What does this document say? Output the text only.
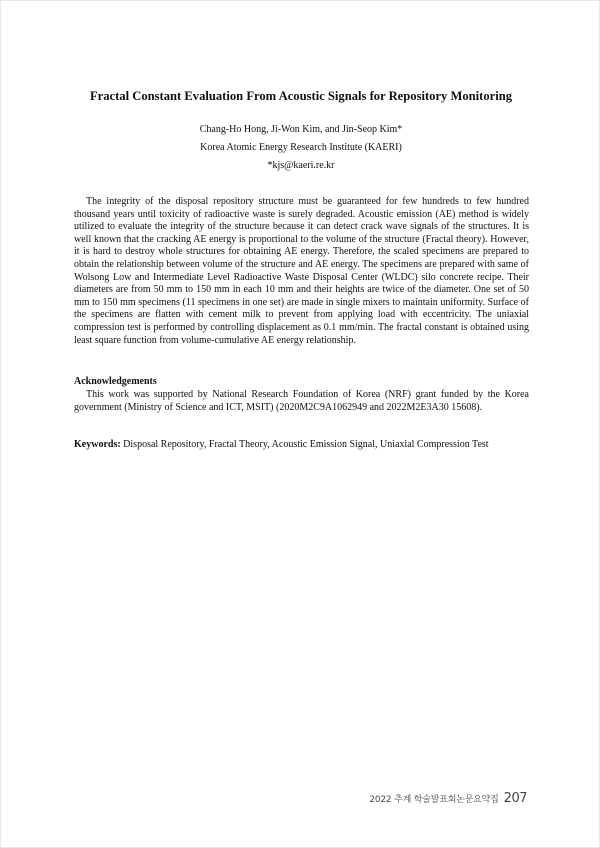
Fractal Constant Evaluation From Acoustic Signals for Repository Monitoring

Chang-Ho Hong, Ji-Won Kim, and Jin-Seop Kim*

Korea Atomic Energy Research Institute (KAERI)

*kjs@kaeri.re.kr

The integrity of the disposal repository structure must be guaranteed for few hundreds to few hundred thousand years until toxicity of radioactive waste is surely degraded. Acoustic emission (AE) method is widely utilized to evaluate the integrity of the structure because it can detect crack wave signals of the structures. It is well known that the cracking AE energy is proportional to the volume of the structure (Fractal theory). However, it is hard to destroy whole structures for obtaining AE energy. Therefore, the scaled specimens are prepared to obtain the relationship between volume of the structure and AE energy. The specimens are prepared with same of Wolsong Low and Intermediate Level Radioactive Waste Disposal Center (WLDC) silo concrete recipe. Their diameters are from 50 mm to 150 mm in each 10 mm and their heights are twice of the diameter. One set of 50 mm to 150 mm specimens (11 specimens in one set) are made in single mixers to maintain uniformity. Surface of the specimens are flatten with cement milk to prevent from applying load with eccentricity. The uniaxial compression test is performed by controlling displacement as 0.1 mm/min. The fractal constant is obtained using least square function from volume-cumulative AE energy relationship.

Acknowledgements

This work was supported by National Research Foundation of Korea (NRF) grant funded by the Korea government (Ministry of Science and ICT, MSIT) (2020M2C9A1062949 and 2022M2E3A30 15608).

Keywords: Disposal Repository, Fractal Theory, Acoustic Emission Signal, Uniaxial Compression Test

2022 추계 학술발표회논문요약집 207
